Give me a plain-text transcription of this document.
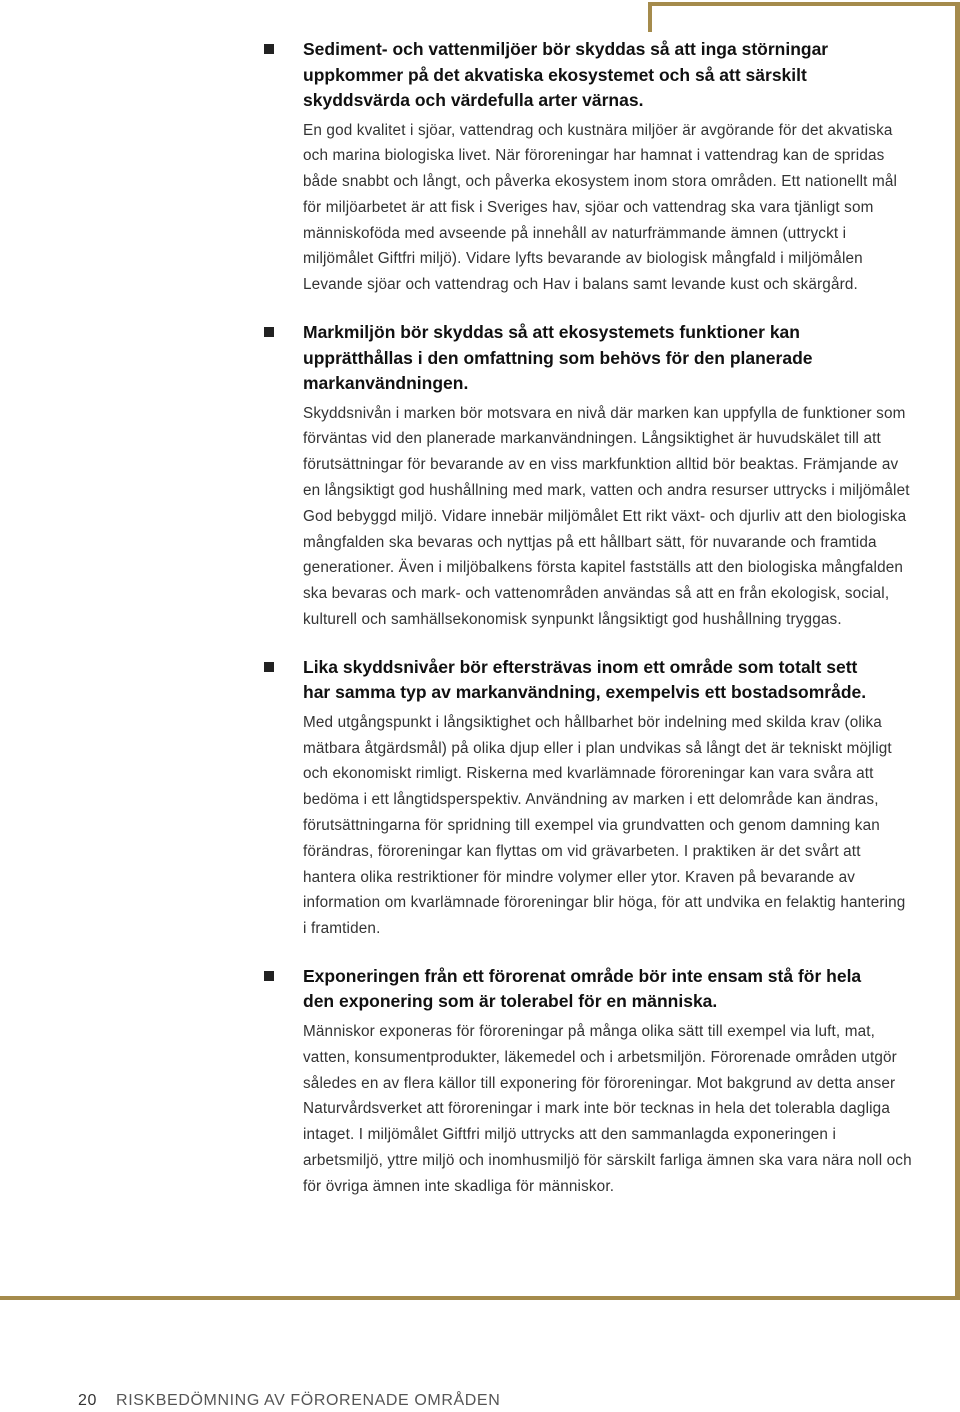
Sediment- och vattenmiljöer bör skyddas så att inga störningar
uppkommer på det akvatiska ekosystemet och så att särskilt
skyddsvärda och värdefulla arter värnas.

En god kvalitet i sjöar, vattendrag och kustnära miljöer är avgörande för det akvatiska och marina biologiska livet. När föroreningar har hamnat i vattendrag kan de spridas både snabbt och långt, och påverka ekosystem inom stora områden. Ett nationellt mål för miljöarbetet är att fisk i Sveriges hav, sjöar och vattendrag ska vara tjänligt som människoföda med avseende på innehåll av naturfrämmande ämnen (uttryckt i miljömålet Giftfri miljö). Vidare lyfts bevarande av biologisk mångfald i miljömålen Levande sjöar och vattendrag och Hav i balans samt levande kust och skärgård.

Markmiljön bör skyddas så att ekosystemets funktioner kan
upprätthållas i den omfattning som behövs för den planerade
markanvändningen.

Skyddsnivån i marken bör motsvara en nivå där marken kan uppfylla de funktioner som förväntas vid den planerade markanvändningen. Långsiktighet är huvudskälet till att förutsättningar för bevarande av en viss markfunktion alltid bör beaktas. Främjande av en långsiktigt god hushållning med mark, vatten och andra resurser uttrycks i miljömålet God bebyggd miljö. Vidare innebär miljömålet Ett rikt växt- och djurliv att den biologiska mångfalden ska bevaras och nyttjas på ett hållbart sätt, för nuvarande och framtida generationer. Även i miljöbalkens första kapitel fastställs att den biologiska mångfalden ska bevaras och mark- och vattenområden användas så att en från ekologisk, social, kulturell och samhällsekonomisk synpunkt långsiktigt god hushållning tryggas.

Lika skyddsnivåer bör eftersträvas inom ett område som totalt sett
har samma typ av markanvändning, exempelvis ett bostadsområde.

Med utgångspunkt i långsiktighet och hållbarhet bör indelning med skilda krav (olika mätbara åtgärdsmål) på olika djup eller i plan undvikas så långt det är tekniskt möjligt och ekonomiskt rimligt. Riskerna med kvarlämnade föroreningar kan vara svåra att bedöma i ett långtidsperspektiv. Användning av marken i ett delområde kan ändras, förutsättningarna för spridning till exempel via grundvatten och genom damning kan förändras, föroreningar kan flyttas om vid grävarbeten. I praktiken är det svårt att hantera olika restriktioner för mindre volymer eller ytor. Kraven på bevarande av information om kvarlämnade föroreningar blir höga, för att undvika en felaktig hantering i framtiden.

Exponeringen från ett förorenat område bör inte ensam stå för hela
den exponering som är tolerabel för en människa.

Människor exponeras för föroreningar på många olika sätt till exempel via luft, mat, vatten, konsumentprodukter, läkemedel och i arbetsmiljön. Förorenade områden utgör således en av flera källor till exponering för föroreningar. Mot bakgrund av detta anser Naturvårdsverket att föroreningar i mark inte bör tecknas in hela det tolerabla dagliga intaget. I miljömålet Giftfri miljö uttrycks att den sammanlagda exponeringen i arbetsmiljö, yttre miljö och inomhusmiljö för särskilt farliga ämnen ska vara nära noll och för övriga ämnen inte skadliga för människor.

20 RISKBEDÖMNING AV FÖRORENADE OMRÅDEN
